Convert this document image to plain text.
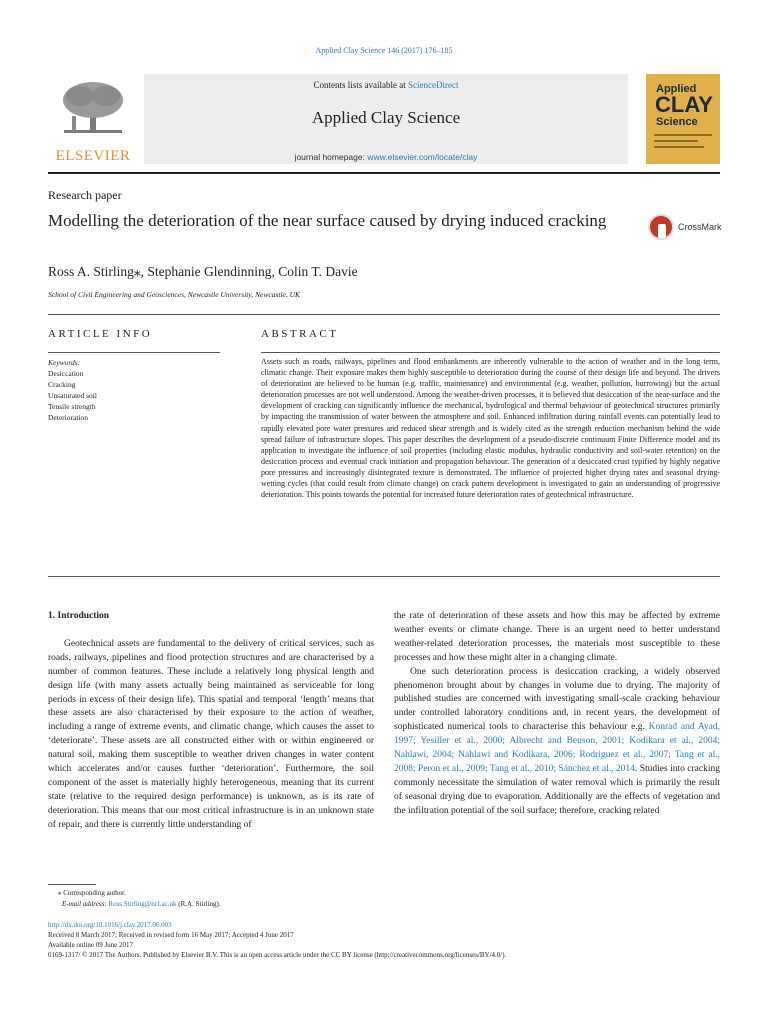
Applied Clay Science 146 (2017) 176–185
ELSEVIER
Contents lists available at ScienceDirect
Applied Clay Science
journal homepage: www.elsevier.com/locate/clay
Applied
CLAY
Science
Research paper
Modelling the deterioration of the near surface caused by drying induced cracking	CrossMark
Ross A. Stirling⁎, Stephanie Glendinning, Colin T. Davie
School of Civil Engineering and Geosciences, Newcastle University, Newcastle, UK
ARTICLE INFO	ABSTRACT
Keywords:
Desiccation
Cracking
Unsaturated soil
Tensile strength
Deterioration
Assets such as roads, railways, pipelines and flood embankments are inherently vulnerable to the action of weather and in the long term, climatic change. Their exposure makes them highly susceptible to deterioration during the course of their design life and beyond. The drivers of deterioration are believed to be human (e.g. traffic, maintenance) and environmental (e.g. weather, pollution, burrowing) but the actual deterioration processes are not well understood. Among the weather-driven processes, it is believed that desiccation of the near-surface and the development of cracking can significantly influence the mechanical, hydrological and thermal behaviour of geotechnical structures primarily by impacting the transmission of water between the atmosphere and soil. Enhanced infiltration during rainfall events can potentially lead to rapidly elevated pore water pressures and reduced shear strength and is widely cited as the strength reduction mechanism behind the wide spread failure of infrastructure slopes. This paper describes the development of a pseudo-discrete continuum Finite Difference model and its application to investigate the influence of soil properties (including elastic modulus, hydraulic conductivity and soil-water retention) on the desiccation process and eventual crack initiation and propagation behaviour. The generation of a desiccated crust typified by highly negative pore pressures and increasingly disintegrated texture is demonstrated. The influence of projected higher drying rates and seasonal drying-wetting cycles (that could result from climate change) on crack pattern development is investigated to gain an understanding of progressive deterioration. This points towards the potential for increased future deterioration rates of geotechnical infrastructure.
1. Introduction

Geotechnical assets are fundamental to the delivery of critical services, such as roads, railways, pipelines and flood protection structures and are characterised by a number of common features. These include a relatively long physical length and design life (with many assets actually being maintained as serviceable for long periods in excess of their design life). This spatial and temporal ‘length’ means that these assets are also characterised by their exposure to the action of weather, including a range of extreme events, and climatic change, which causes the asset to ‘deteriorate’. These assets are all constructed either with or within engineered or natural soil, making them susceptible to weather driven changes in water content which accelerates and/or causes further ‘deterioration’. Furthermore, the soil component of the asset is materially highly heterogeneous, meaning that its current state (relative to the required design performance) is unknown, as is its rate of deterioration. This means that our most critical infrastructure is in an unknown state of repair, and there is currently little understanding of

the rate of deterioration of these assets and how this may be affected by extreme weather events or climate change. There is an urgent need to better understand weather-related deterioration processes, the materials most susceptible to these processes and how these might alter in a changing climate.

One such deterioration process is desiccation cracking, a widely observed phenomenon brought about by changes in volume due to drying. The majority of published studies are concerned with investigating small-scale cracking behaviour under controlled laboratory conditions and, in recent years, the development of sophisticated numerical tools to characterise this behaviour e.g. Konrad and Ayad, 1997; Yesiller et al., 2000; Albrecht and Benson, 2001; Kodikara et al., 2004; Nahlawi, 2004; Nahlawi and Kodikara, 2006; Rodriguez et al., 2007; Tang et al., 2008; Peron et al., 2009; Tang et al., 2010; Sánchez et al., 2014. Studies into cracking commonly necessitate the simulation of water removal which is primarily the result of seasonal drying due to evaporation. Additionally are the effects of vegetation and the infiltration potential of the soil surface; therefore, cracking related

⁎ Corresponding author.
E-mail address: Ross.Stirling@ncl.ac.uk (R.A. Stirling).
http://dx.doi.org/10.1016/j.clay.2017.06.003
Received 8 March 2017; Received in revised form 16 May 2017; Accepted 4 June 2017
Available online 09 June 2017
0169-1317/ © 2017 The Authors. Published by Elsevier B.V. This is an open access article under the CC BY license (http://creativecommons.org/licenses/BY/4.0/).
